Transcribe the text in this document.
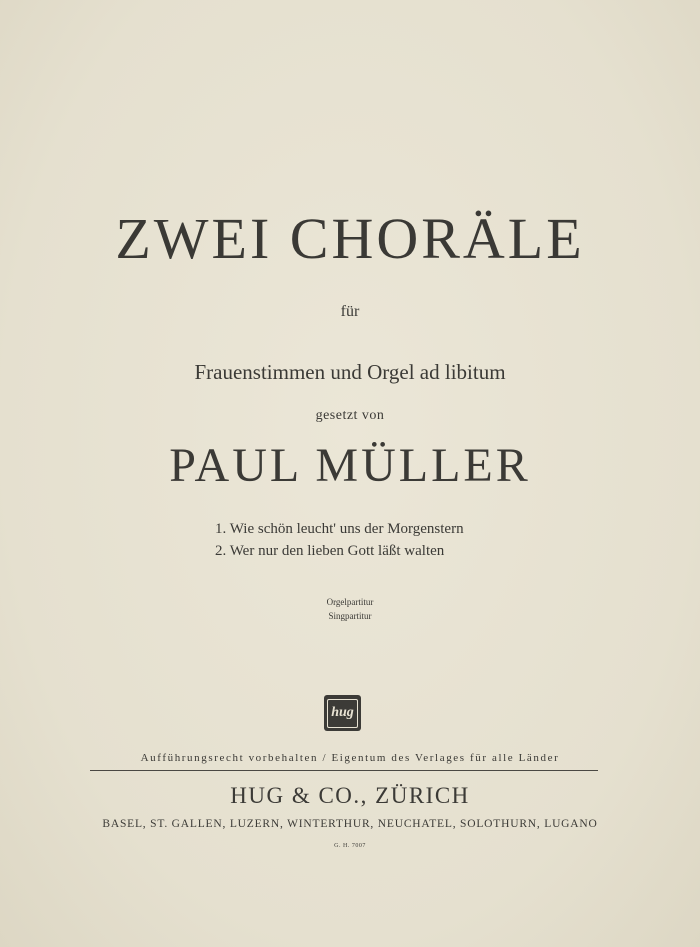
ZWEI CHORÄLE
für
Frauenstimmen und Orgel ad libitum
gesetzt von
PAUL MÜLLER
1. Wie schön leucht' uns der Morgenstern
2. Wer nur den lieben Gott läßt walten
Orgelpartitur
Singpartitur
hug
Aufführungsrecht vorbehalten / Eigentum des Verlages für alle Länder
HUG & CO., ZÜRICH
BASEL, ST. GALLEN, LUZERN, WINTERTHUR, NEUCHATEL, SOLOTHURN, LUGANO
G. H. 7007
